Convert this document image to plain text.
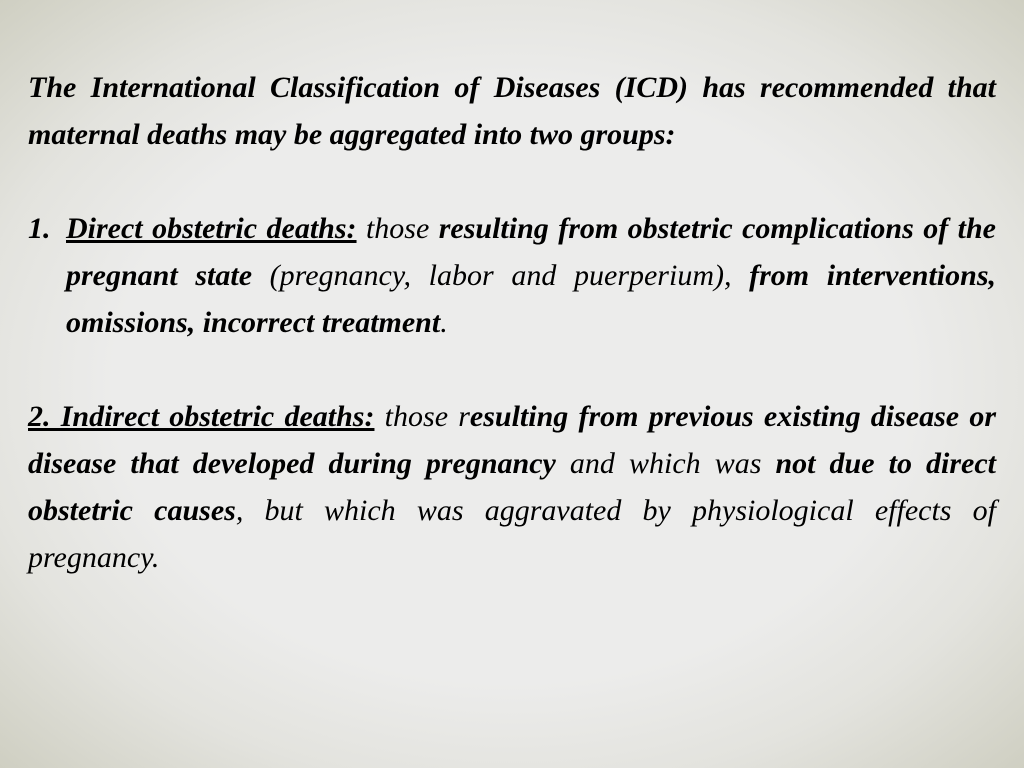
The International Classification of Diseases (ICD) has recommended that maternal deaths may be aggregated into two groups:

1. Direct obstetric deaths: those resulting from obstetric complications of the pregnant state (pregnancy, labor and puerperium), from interventions, omissions, incorrect treatment.

2. Indirect obstetric deaths: those resulting from previous existing disease or disease that developed during pregnancy and which was not due to direct obstetric causes, but which was aggravated by physiological effects of pregnancy.
